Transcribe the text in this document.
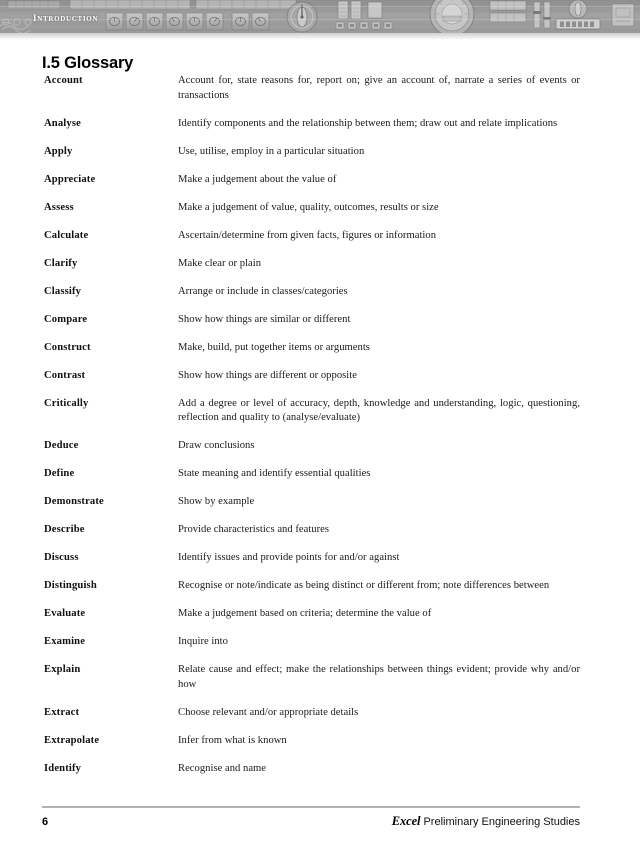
introduction
I.5 Glossary
Account	Account for, state reasons for, report on; give an account of, narrate a series of events or transactions
Analyse	Identify components and the relationship between them; draw out and relate implications
Apply	Use, utilise, employ in a particular situation
Appreciate	Make a judgement about the value of
Assess	Make a judgement of value, quality, outcomes, results or size
Calculate	Ascertain/determine from given facts, figures or information
Clarify	Make clear or plain
Classify	Arrange or include in classes/categories
Compare	Show how things are similar or different
Construct	Make, build, put together items or arguments
Contrast	Show how things are different or opposite
Critically	Add a degree or level of accuracy, depth, knowledge and understanding, logic, questioning, reflection and quality to (analyse/evaluate)
Deduce	Draw conclusions
Define	State meaning and identify essential qualities
Demonstrate	Show by example
Describe	Provide characteristics and features
Discuss	Identify issues and provide points for and/or against
Distinguish	Recognise or note/indicate as being distinct or different from; note differences between
Evaluate	Make a judgement based on criteria; determine the value of
Examine	Inquire into
Explain	Relate cause and effect; make the relationships between things evident; provide why and/or how
Extract	Choose relevant and/or appropriate details
Extrapolate	Infer from what is known
Identify	Recognise and name
6	Excel Preliminary Engineering Studies
